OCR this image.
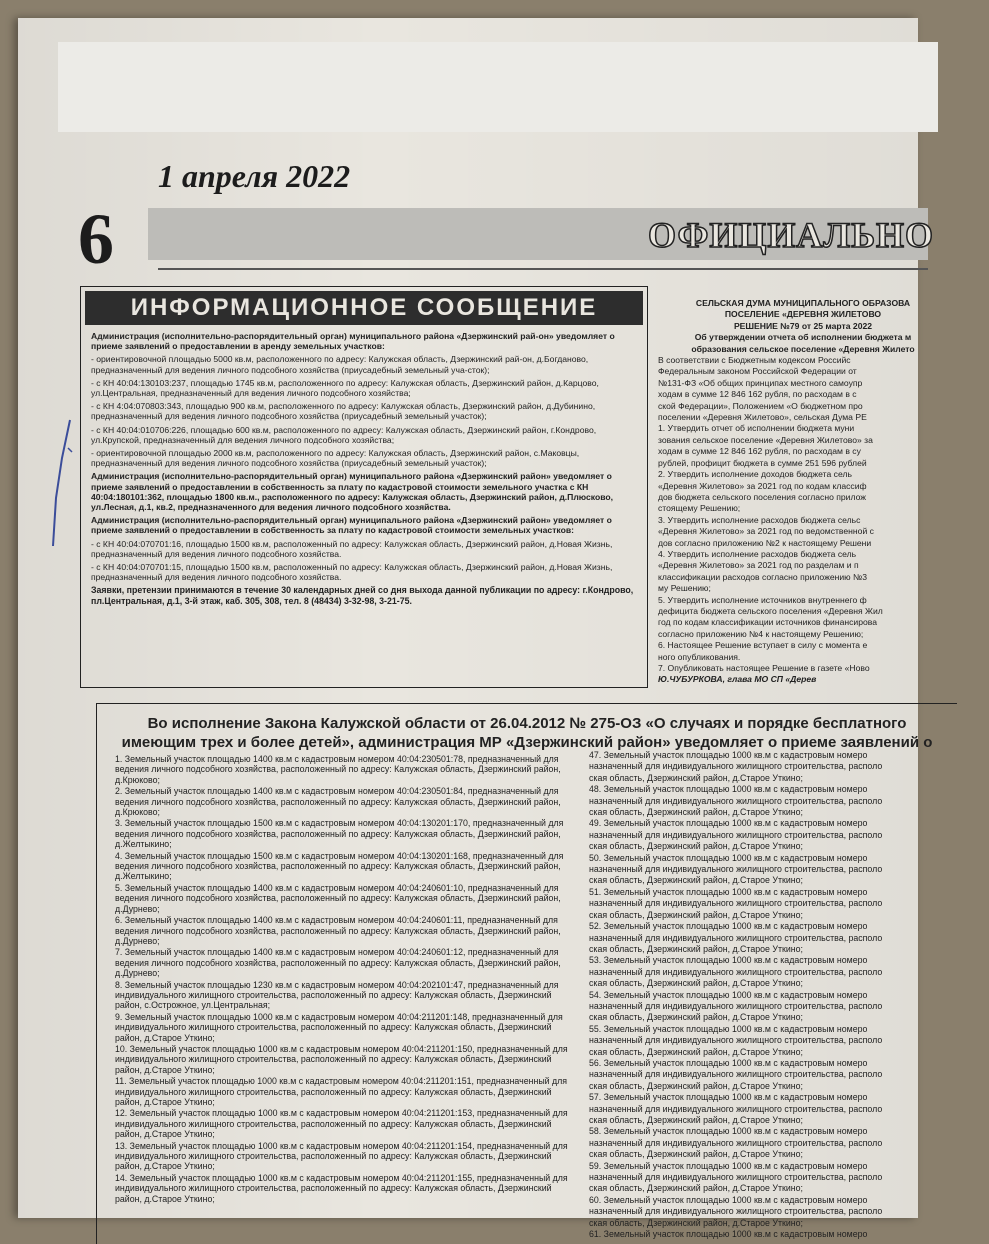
1 апреля 2022
6	ОФИЦИАЛЬНО
ИНФОРМАЦИОННОЕ СООБЩЕНИЕ

Администрация (исполнительно-распорядительный орган) муниципального района «Дзержинский рай-он» уведомляет о приеме заявлений о предоставлении в аренду земельных участков:

- ориентировочной площадью 5000 кв.м, расположенного по адресу: Калужская область, Дзержинский рай-он, д.Богданово, предназначенный для ведения личного подсобного хозяйства (приусадебный земельный уча-сток);

- с КН 40:04:130103:237, площадью 1745 кв.м, расположенного по адресу: Калужская область, Дзержинский район, д.Карцово, ул.Центральная, предназначенный для ведения личного подсобного хозяйства;

- с КН 4:04:070803:343, площадью 900 кв.м, расположенного по адресу: Калужская область, Дзержинский район, д.Дубинино, предназначенный для ведения личного подсобного хозяйства (приусадебный земельный участок);

- с КН 40:04:010706:226, площадью 600 кв.м, расположенного по адресу: Калужская область, Дзержинский район, г.Кондрово, ул.Крупской, предназначенный для ведения личного подсобного хозяйства;

- ориентировочной площадью 2000 кв.м, расположенного по адресу: Калужская область, Дзержинский район, с.Маковцы, предназначенный для ведения личного подсобного хозяйства (приусадебный земельный участок);

Администрация (исполнительно-распорядительный орган) муниципального района «Дзержинский район» уведомляет о приеме заявлений о предоставлении в собственность за плату по кадастровой стоимости земельного участка с КН 40:04:180101:362, площадью 1800 кв.м., расположенного по адресу: Калужская область, Дзержинский район, д.Плюсково, ул.Лесная, д.1, кв.2, предназначенного для ведения личного подсобного хозяйства.

Администрация (исполнительно-распорядительный орган) муниципального района «Дзержинский район» уведомляет о приеме заявлений о предоставлении в собственность за плату по кадастровой стоимости земельных участков:

- с КН 40:04:070701:16, площадью 1500 кв.м, расположенный по адресу: Калужская область, Дзержинский район, д.Новая Жизнь, предназначенный для ведения личного подсобного хозяйства.

- с КН 40:04:070701:15, площадью 1500 кв.м, расположенный по адресу: Калужская область, Дзержинский район, д.Новая Жизнь, предназначенный для ведения личного подсобного хозяйства.

Заявки, претензии принимаются в течение 30 календарных дней со дня выхода данной публикации по адресу: г.Кондрово, пл.Центральная, д.1, 3-й этаж, каб. 305, 308, тел. 8 (48434) 3-32-98, 3-21-75.

СЕЛЬСКАЯ ДУМА МУНИЦИПАЛЬНОГО ОБРАЗОВА

ПОСЕЛЕНИЕ «ДЕРЕВНЯ ЖИЛЕТОВО

РЕШЕНИЕ №79 от 25 марта 2022

Об утверждении отчета об исполнении бюджета м

образования сельское поселение «Деревня Жилето

В соответствии с Бюджетным кодексом Российс

Федеральным законом Российской Федерации от

№131-ФЗ «Об общих принципах местного самоупр

ходам в сумме 12 846 162 рубля, по расходам в с

ской Федерации», Положением «О бюджетном про

поселении «Деревня Жилетово», сельская Дума РЕ

1. Утвердить отчет об исполнении бюджета муни

зования сельское поселение «Деревня Жилетово» за

ходам в сумме 12 846 162 рубля, по расходам в су

рублей, профицит бюджета в сумме 251 596 рублей

2. Утвердить исполнение доходов бюджета сель

«Деревня Жилетово» за 2021 год по кодам классиф

дов бюджета сельского поселения согласно прилож

стоящему Решению;

3. Утвердить исполнение расходов бюджета сельс

«Деревня Жилетово» за 2021 год по ведомственной с

дов согласно приложению №2 к настоящему Решени

4. Утвердить исполнение расходов бюджета сель

«Деревня Жилетово» за 2021 год по разделам и п

классификации расходов согласно приложению №3

му Решению;

5. Утвердить исполнение источников внутреннего ф

дефицита бюджета сельского поселения «Деревня Жил

год по кодам классификации источников финансирова

согласно приложению №4 к настоящему Решению;

6. Настоящее Решение вступает в силу с момента е

ного опубликования.

7. Опубликовать настоящее Решение в газете «Ново

Ю.ЧУБУРКОВА, глава МО СП «Дерев

Во исполнение Закона Калужской области от 26.04.2012 № 275-ОЗ «О случаях и порядке бесплатного
имеющим трех и более детей», администрация МР «Дзержинский район» уведомляет о приеме заявлений о

1. Земельный участок площадью 1400 кв.м с кадастровым номером 40:04:230501:78, предназначенный для ведения личного подсобного хозяйства, расположенный по адресу: Калужская область, Дзержинский район, д.Крюково;

2. Земельный участок площадью 1400 кв.м с кадастровым номером 40:04:230501:84, предназначенный для ведения личного подсобного хозяйства, расположенный по адресу: Калужская область, Дзержинский район, д.Крюково;

3. Земельный участок площадью 1500 кв.м с кадастровым номером 40:04:130201:170, предназначенный для ведения личного подсобного хозяйства, расположенный по адресу: Калужская область, Дзержинский район, д.Желтыкино;

4. Земельный участок площадью 1500 кв.м с кадастровым номером 40:04:130201:168, предназначенный для ведения личного подсобного хозяйства, расположенный по адресу: Калужская область, Дзержинский район, д.Желтыкино;

5. Земельный участок площадью 1400 кв.м с кадастровым номером 40:04:240601:10, предназначенный для ведения личного подсобного хозяйства, расположенный по адресу: Калужская область, Дзержинский район, д.Дурнево;

6. Земельный участок площадью 1400 кв.м с кадастровым номером 40:04:240601:11, предназначенный для ведения личного подсобного хозяйства, расположенный по адресу: Калужская область, Дзержинский район, д.Дурнево;

7. Земельный участок площадью 1400 кв.м с кадастровым номером 40:04:240601:12, предназначенный для ведения личного подсобного хозяйства, расположенный по адресу: Калужская область, Дзержинский район, д.Дурнево;

8. Земельный участок площадью 1230 кв.м с кадастровым номером 40:04:202101:47, предназначенный для индивидуального жилищного строительства, расположенный по адресу: Калужская область, Дзержинский район, с.Острожное, ул.Центральная;

9. Земельный участок площадью 1000 кв.м с кадастровым номером 40:04:211201:148, предназначенный для индивидуального жилищного строительства, расположенный по адресу: Калужская область, Дзержинский район, д.Старое Уткино;

10. Земельный участок площадью 1000 кв.м с кадастровым номером 40:04:211201:150, предназначенный для индивидуального жилищного строительства, расположенный по адресу: Калужская область, Дзержинский район, д.Старое Уткино;

11. Земельный участок площадью 1000 кв.м с кадастровым номером 40:04:211201:151, предназначенный для индивидуального жилищного строительства, расположенный по адресу: Калужская область, Дзержинский район, д.Старое Уткино;

12. Земельный участок площадью 1000 кв.м с кадастровым номером 40:04:211201:153, предназначенный для индивидуального жилищного строительства, расположенный по адресу: Калужская область, Дзержинский район, д.Старое Уткино;

13. Земельный участок площадью 1000 кв.м с кадастровым номером 40:04:211201:154, предназначенный для индивидуального жилищного строительства, расположенный по адресу: Калужская область, Дзержинский район, д.Старое Уткино;

14. Земельный участок площадью 1000 кв.м с кадастровым номером 40:04:211201:155, предназначенный для индивидуального жилищного строительства, расположенный по адресу: Калужская область, Дзержинский район, д.Старое Уткино;

47. Земельный участок площадью 1000 кв.м с кадастровым номеро

назначенный для индивидуального жилищного строительства, располо

ская область, Дзержинский район, д.Старое Уткино;

48. Земельный участок площадью 1000 кв.м с кадастровым номеро

назначенный для индивидуального жилищного строительства, располо

ская область, Дзержинский район, д.Старое Уткино;

49. Земельный участок площадью 1000 кв.м с кадастровым номеро

назначенный для индивидуального жилищного строительства, располо

ская область, Дзержинский район, д.Старое Уткино;

50. Земельный участок площадью 1000 кв.м с кадастровым номеро

назначенный для индивидуального жилищного строительства, располо

ская область, Дзержинский район, д.Старое Уткино;

51. Земельный участок площадью 1000 кв.м с кадастровым номеро

назначенный для индивидуального жилищного строительства, располо

ская область, Дзержинский район, д.Старое Уткино;

52. Земельный участок площадью 1000 кв.м с кадастровым номеро

назначенный для индивидуального жилищного строительства, располо

ская область, Дзержинский район, д.Старое Уткино;

53. Земельный участок площадью 1000 кв.м с кадастровым номеро

назначенный для индивидуального жилищного строительства, располо

ская область, Дзержинский район, д.Старое Уткино;

54. Земельный участок площадью 1000 кв.м с кадастровым номеро

назначенный для индивидуального жилищного строительства, располо

ская область, Дзержинский район, д.Старое Уткино;

55. Земельный участок площадью 1000 кв.м с кадастровым номеро

назначенный для индивидуального жилищного строительства, располо

ская область, Дзержинский район, д.Старое Уткино;

56. Земельный участок площадью 1000 кв.м с кадастровым номеро

назначенный для индивидуального жилищного строительства, располо

ская область, Дзержинский район, д.Старое Уткино;

57. Земельный участок площадью 1000 кв.м с кадастровым номеро

назначенный для индивидуального жилищного строительства, располо

ская область, Дзержинский район, д.Старое Уткино;

58. Земельный участок площадью 1000 кв.м с кадастровым номеро

назначенный для индивидуального жилищного строительства, располо

ская область, Дзержинский район, д.Старое Уткино;

59. Земельный участок площадью 1000 кв.м с кадастровым номеро

назначенный для индивидуального жилищного строительства, располо

ская область, Дзержинский район, д.Старое Уткино;

60. Земельный участок площадью 1000 кв.м с кадастровым номеро

назначенный для индивидуального жилищного строительства, располо

ская область, Дзержинский район, д.Старое Уткино;

61. Земельный участок площадью 1000 кв.м с кадастровым номеро
